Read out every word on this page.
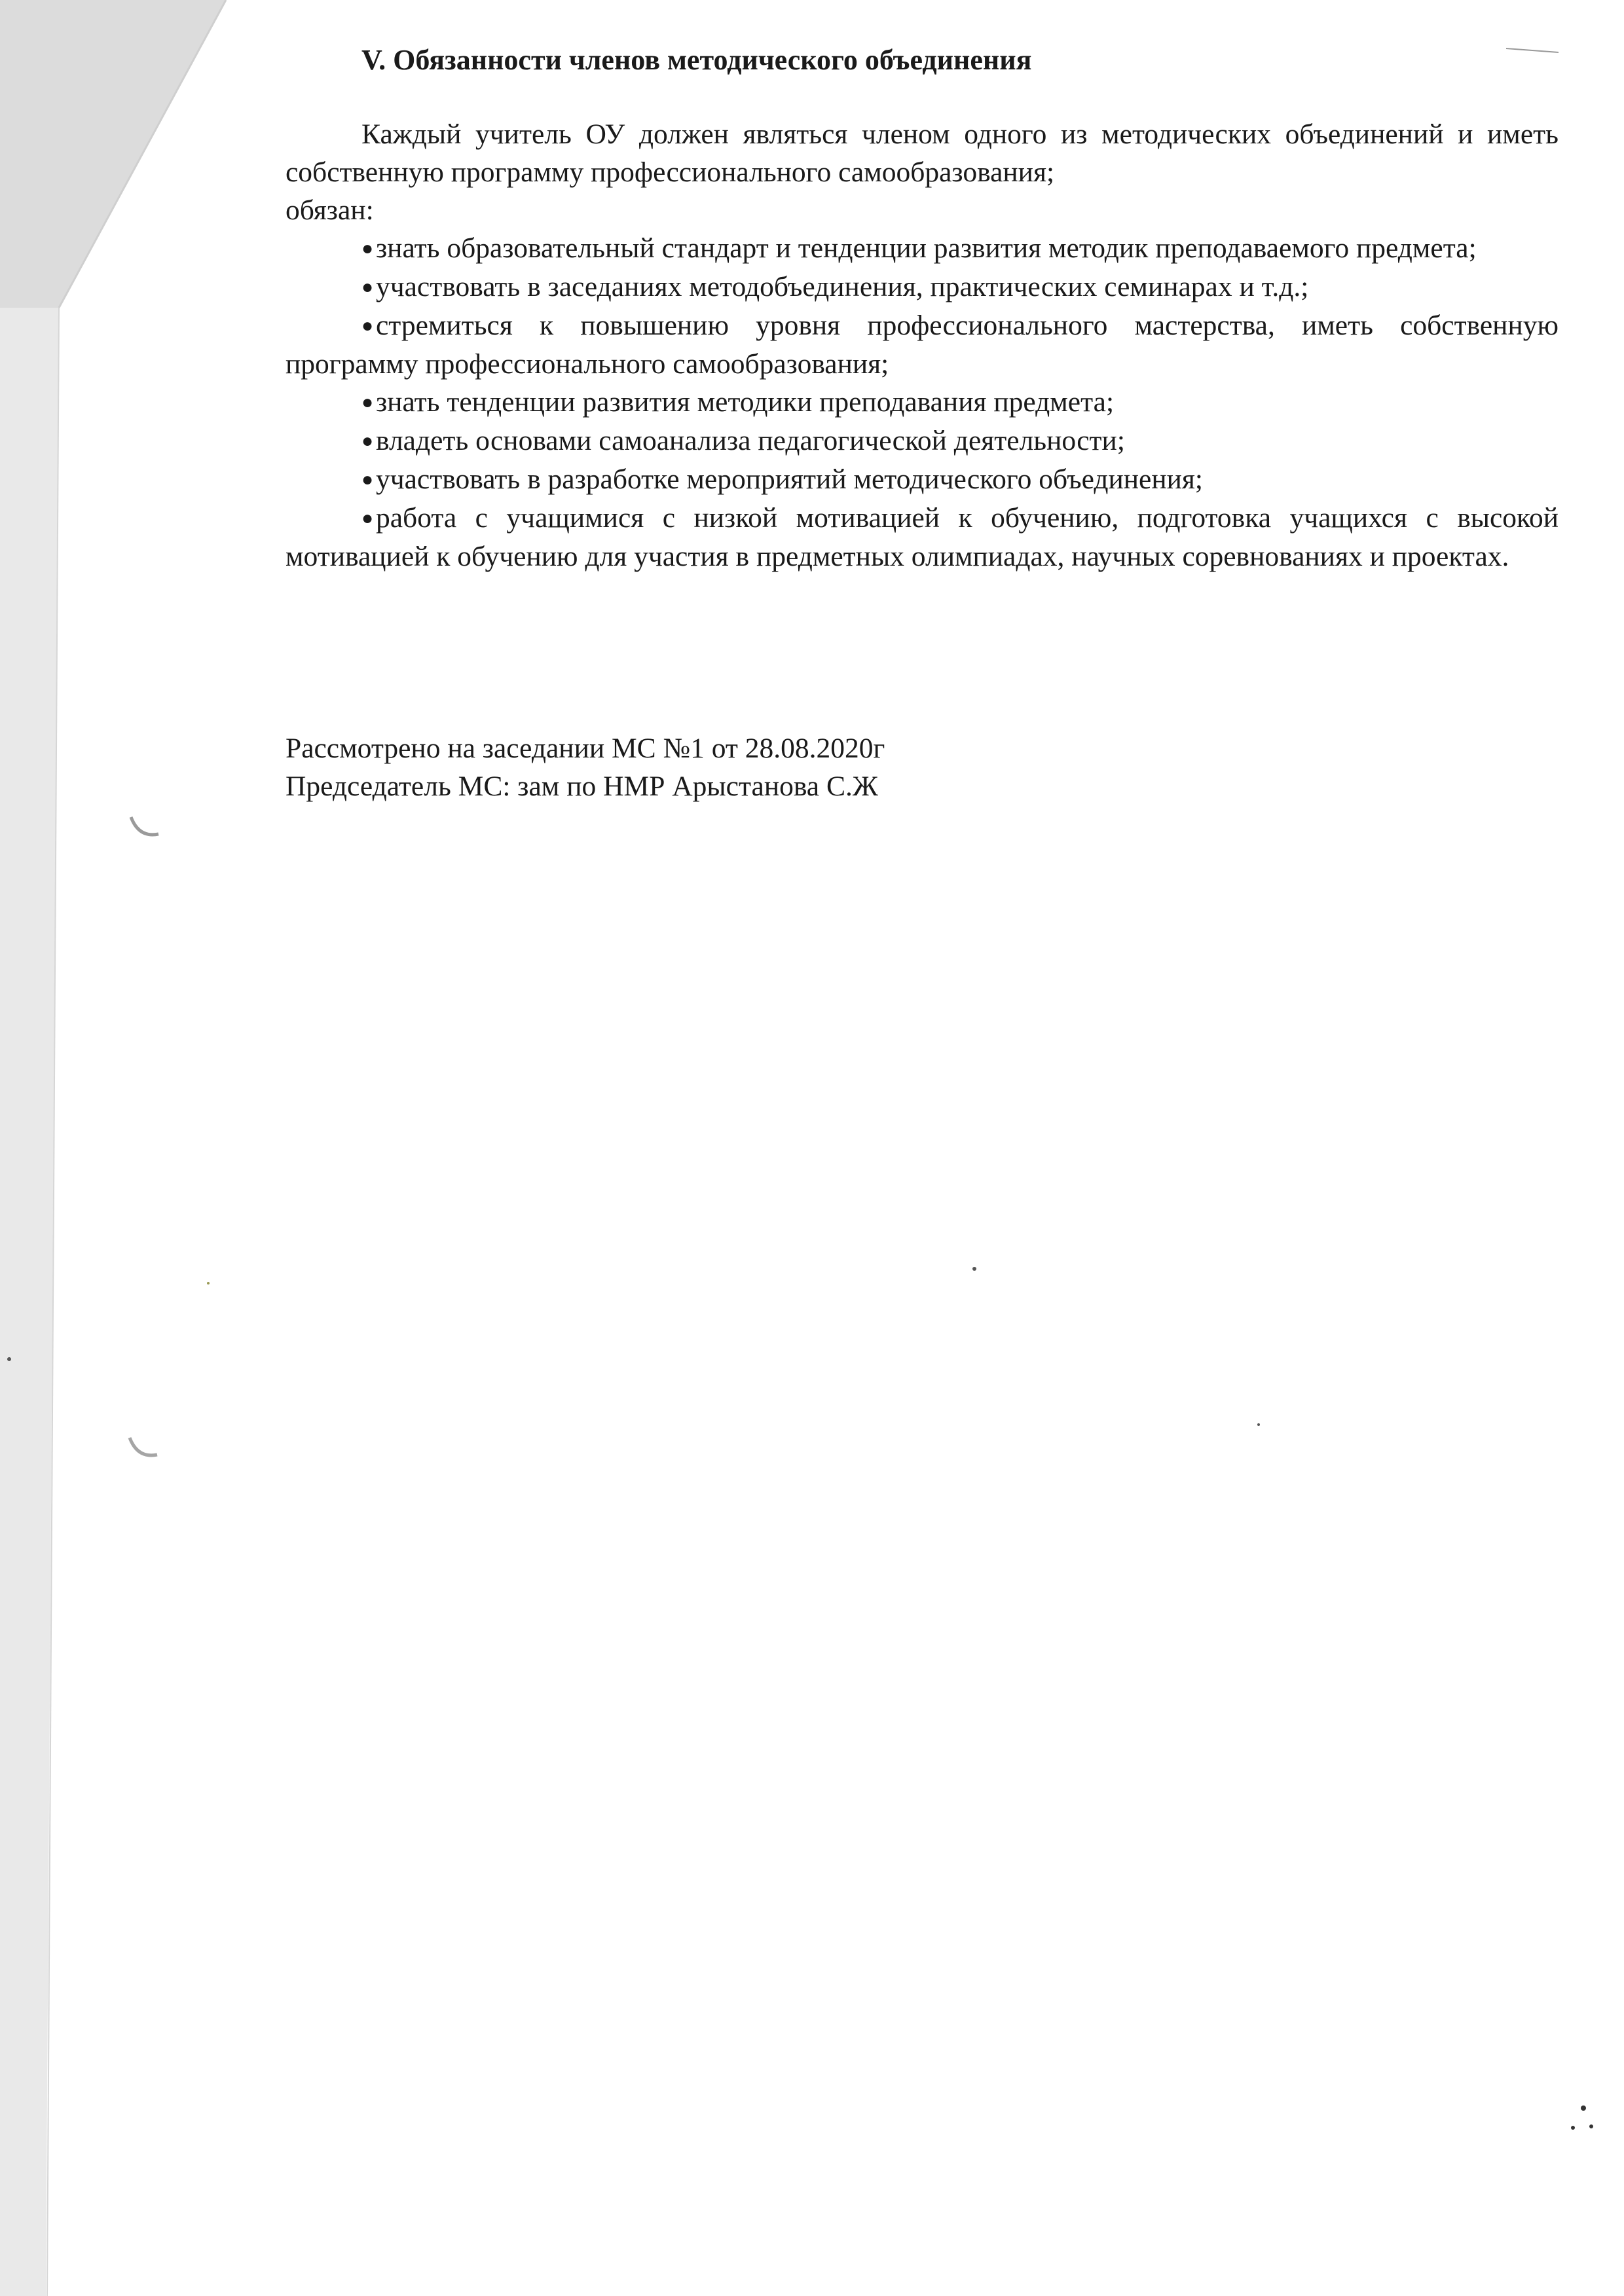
V. Обязанности членов методического объединения

Каждый учитель ОУ должен являться членом одного из методических объединений и иметь собственную программу профессионального самообразования;

обязан:

●знать образовательный стандарт и тенденции развития методик преподаваемого предмета;
●участвовать в заседаниях методобъединения, практических семинарах и т.д.;
●стремиться к повышению уровня профессионального мастерства, иметь собственную программу профессионального самообразования;
●знать тенденции развития методики преподавания предмета;
●владеть основами самоанализа педагогической деятельности;
●участвовать в разработке мероприятий методического объединения;
●работа с учащимися с низкой мотивацией к обучению, подготовка учащихся с высокой мотивацией к обучению для участия в предметных олимпиадах, научных соревнованиях и проектах.

Рассмотрено на заседании МС №1 от 28.08.2020г

Председатель МС: зам по НМР Арыстанова С.Ж
